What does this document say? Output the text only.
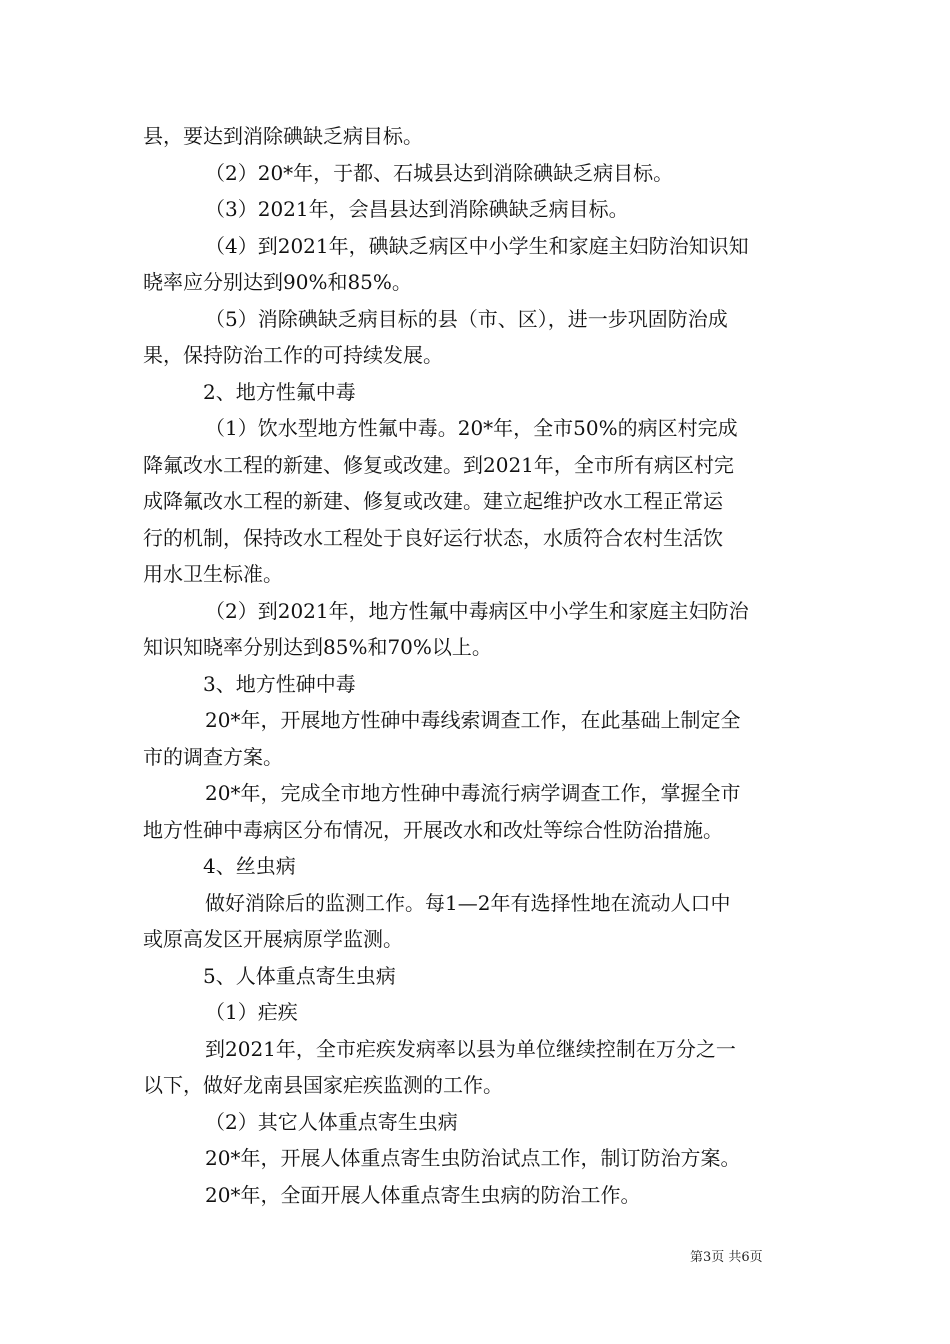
县，要达到消除碘缺乏病目标。
（2）20*年，于都、石城县达到消除碘缺乏病目标。
（3）2021年，会昌县达到消除碘缺乏病目标。
（4）到2021年，碘缺乏病区中小学生和家庭主妇防治知识知
晓率应分别达到90%和85%。
（5）消除碘缺乏病目标的县（市、区），进一步巩固防治成
果，保持防治工作的可持续发展。
2、地方性氟中毒
（1）饮水型地方性氟中毒。20*年，全市50%的病区村完成
降氟改水工程的新建、修复或改建。到2021年，全市所有病区村完
成降氟改水工程的新建、修复或改建。建立起维护改水工程正常运
行的机制，保持改水工程处于良好运行状态，水质符合农村生活饮
用水卫生标准。
（2）到2021年，地方性氟中毒病区中小学生和家庭主妇防治
知识知晓率分别达到85%和70%以上。
3、地方性砷中毒
20*年，开展地方性砷中毒线索调查工作，在此基础上制定全
市的调查方案。
20*年，完成全市地方性砷中毒流行病学调查工作，掌握全市
地方性砷中毒病区分布情况，开展改水和改灶等综合性防治措施。
4、丝虫病
做好消除后的监测工作。每1—2年有选择性地在流动人口中
或原高发区开展病原学监测。
5、人体重点寄生虫病
（1）疟疾
到2021年，全市疟疾发病率以县为单位继续控制在万分之一
以下，做好龙南县国家疟疾监测的工作。
（2）其它人体重点寄生虫病
20*年，开展人体重点寄生虫防治试点工作，制订防治方案。
20*年，全面开展人体重点寄生虫病的防治工作。
第3页 共6页
